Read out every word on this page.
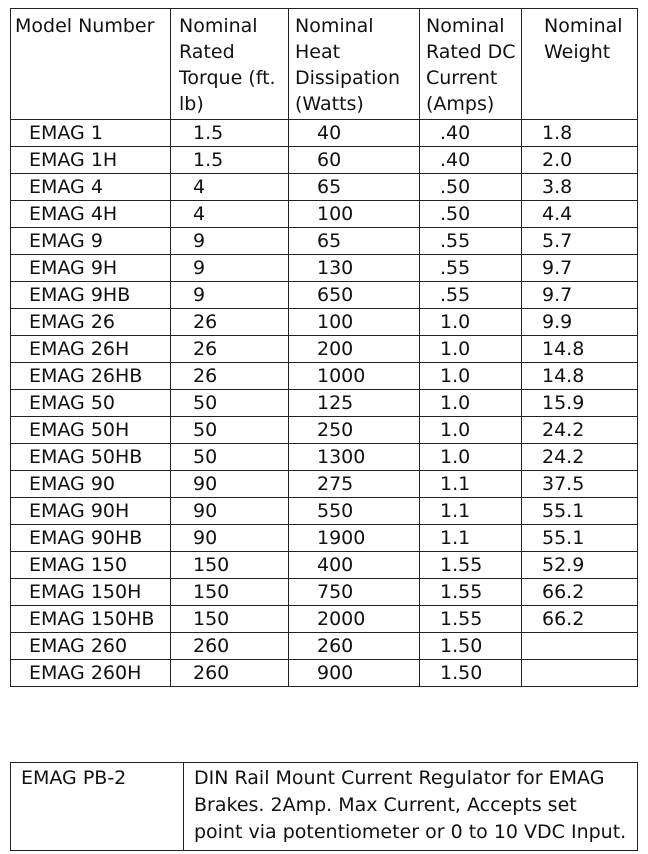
Model Number	Nominal Rated Torque (ft. lb)	Nominal Heat Dissipation (Watts)	Nominal Rated DC Current (Amps)	Nominal Weight
EMAG 1	1.5	40	.40	1.8
EMAG 1H	1.5	60	.40	2.0
EMAG 4	4	65	.50	3.8
EMAG 4H	4	100	.50	4.4
EMAG 9	9	65	.55	5.7
EMAG 9H	9	130	.55	9.7
EMAG 9HB	9	650	.55	9.7
EMAG 26	26	100	1.0	9.9
EMAG 26H	26	200	1.0	14.8
EMAG 26HB	26	1000	1.0	14.8
EMAG 50	50	125	1.0	15.9
EMAG 50H	50	250	1.0	24.2
EMAG 50HB	50	1300	1.0	24.2
EMAG 90	90	275	1.1	37.5
EMAG 90H	90	550	1.1	55.1
EMAG 90HB	90	1900	1.1	55.1
EMAG 150	150	400	1.55	52.9
EMAG 150H	150	750	1.55	66.2
EMAG 150HB	150	2000	1.55	66.2
EMAG 260	260	260	1.50	
EMAG 260H	260	900	1.50	
EMAG PB-2	DIN Rail Mount Current Regulator for EMAG Brakes. 2Amp. Max Current, Accepts set point via potentiometer or 0 to 10 VDC Input.
